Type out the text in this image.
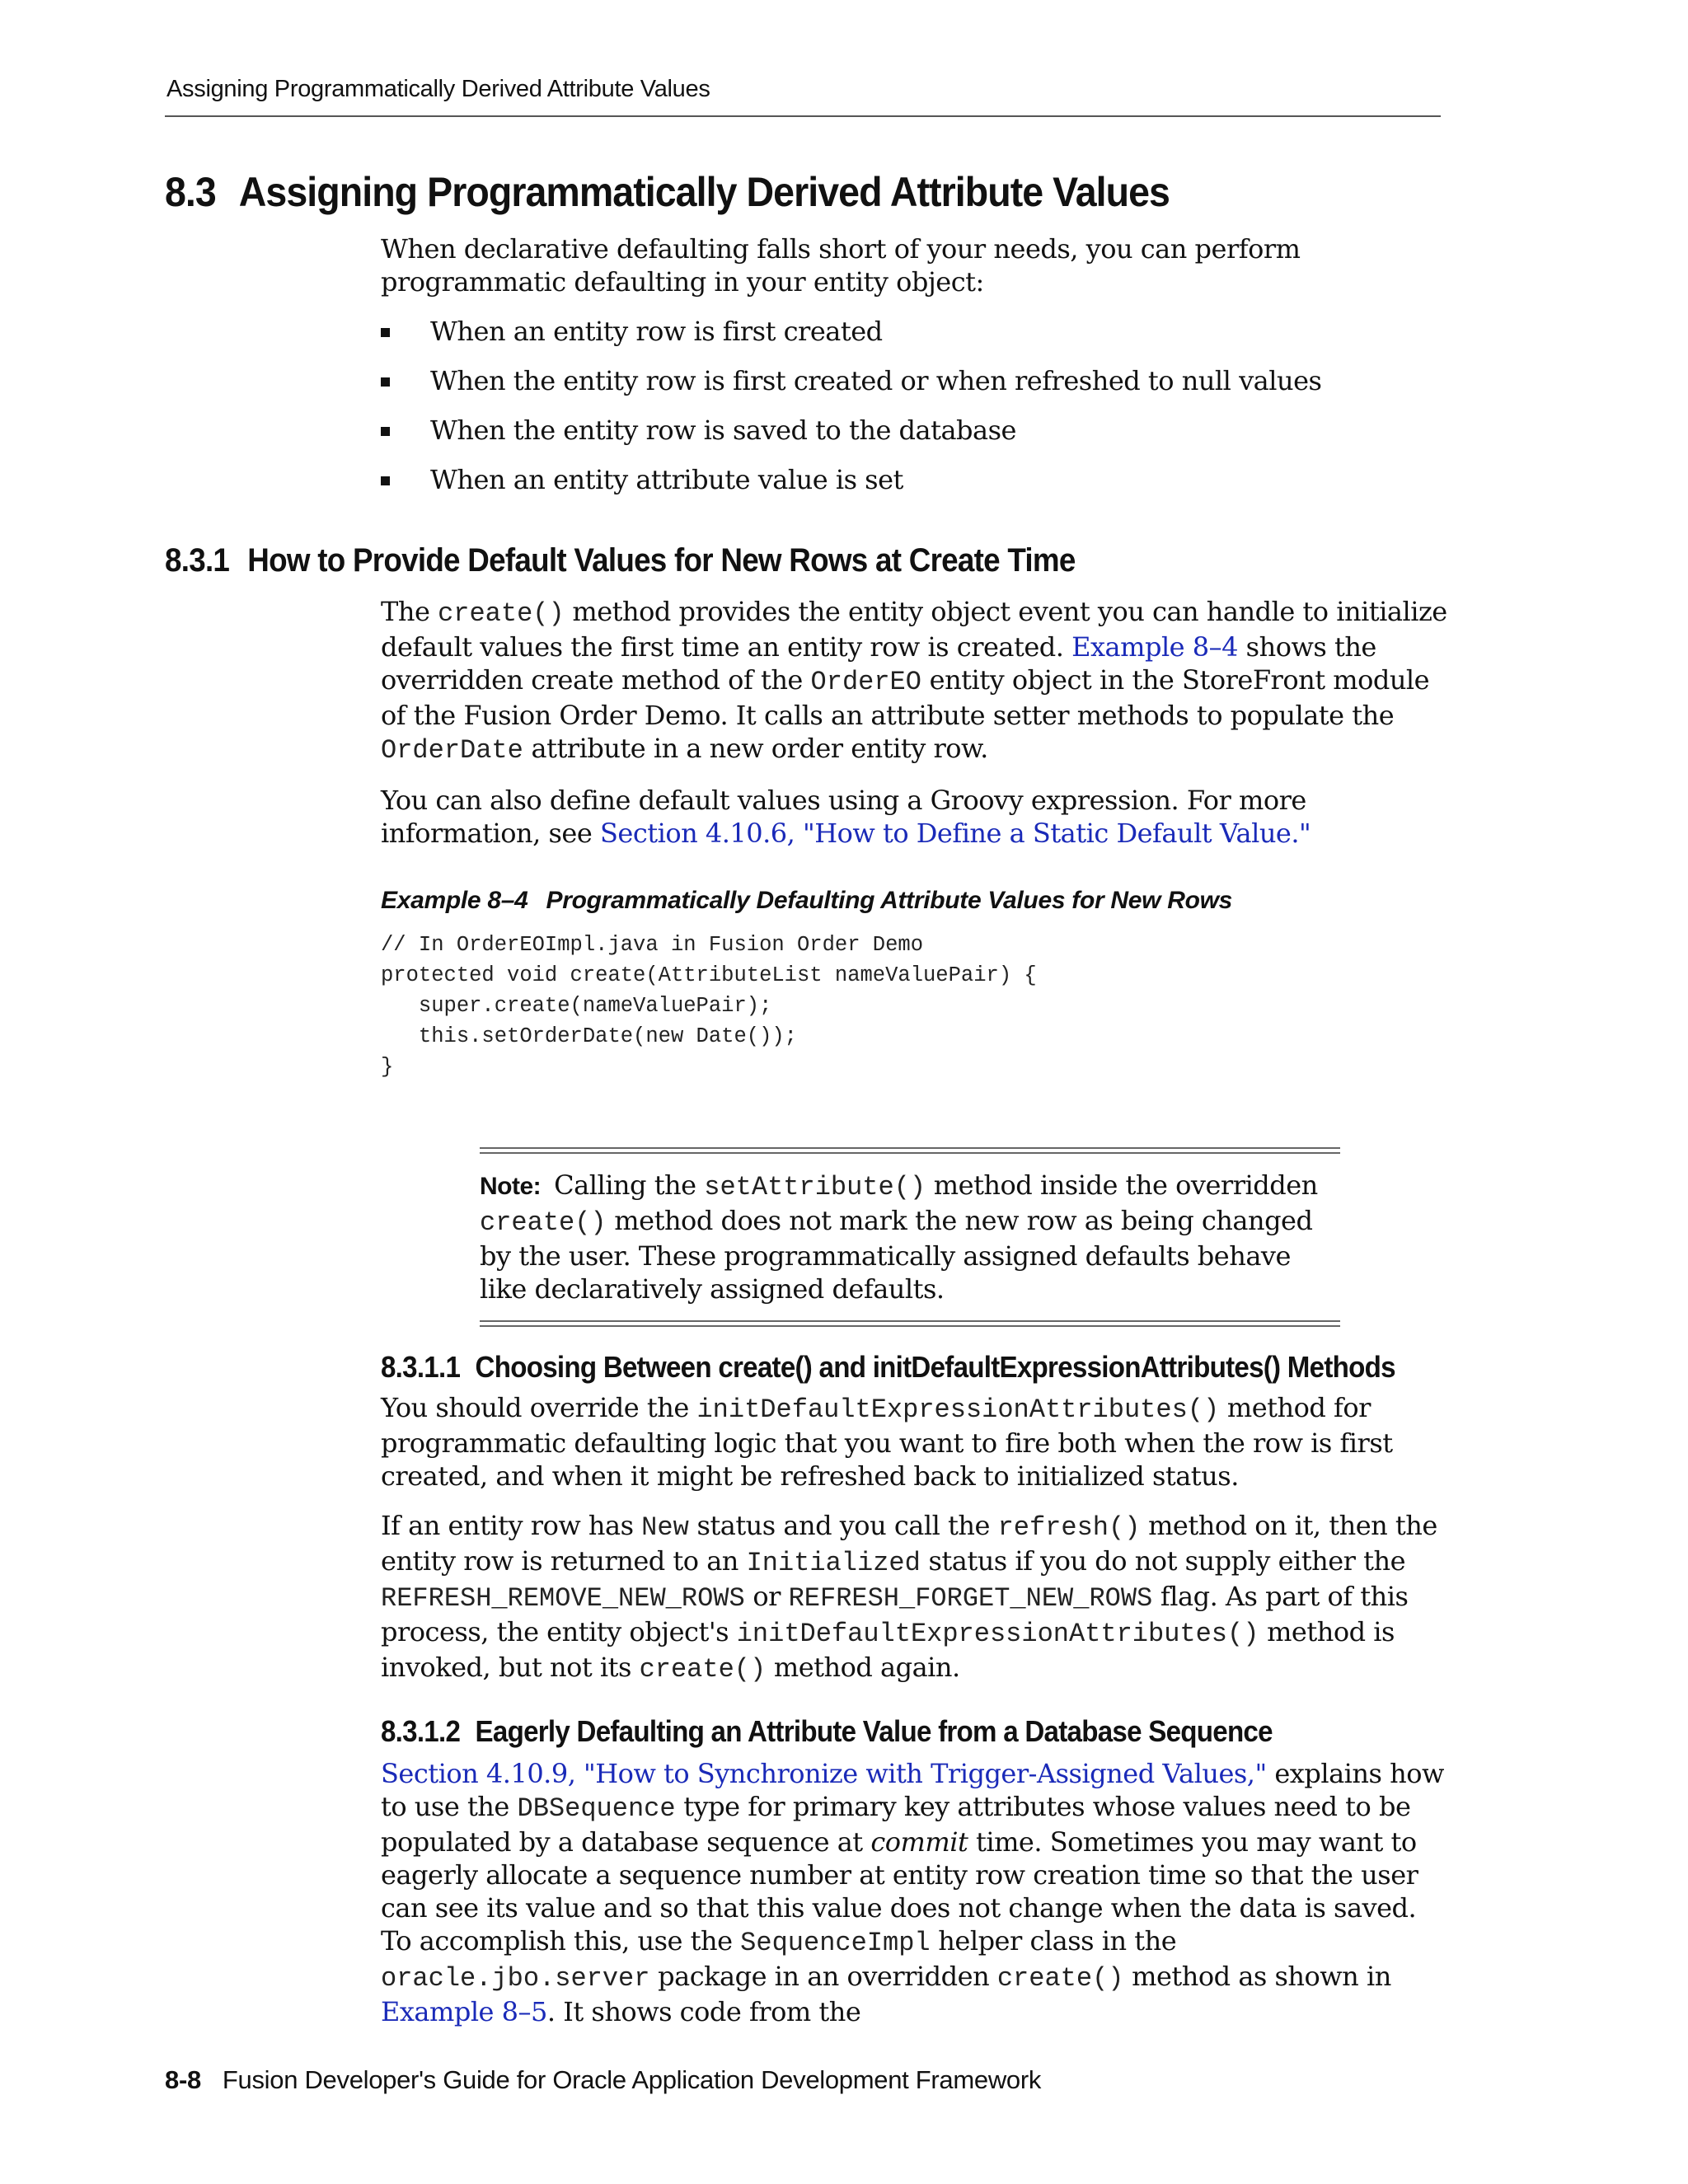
Assigning Programmatically Derived Attribute Values
8.3 Assigning Programmatically Derived Attribute Values

When declarative defaulting falls short of your needs, you can perform programmatic defaulting in your entity object:

When an entity row is first created
When the entity row is first created or when refreshed to null values
When the entity row is saved to the database
When an entity attribute value is set
8.3.1 How to Provide Default Values for New Rows at Create Time

The create() method provides the entity object event you can handle to initialize default values the first time an entity row is created. Example 8–4 shows the overridden create method of the OrderEO entity object in the StoreFront module of the Fusion Order Demo. It calls an attribute setter methods to populate the OrderDate attribute in a new order entity row.

You can also define default values using a Groovy expression. For more information, see Section 4.10.6, "How to Define a Static Default Value."

Example 8–4 Programmatically Defaulting Attribute Values for New Rows
// In OrderEOImpl.java in Fusion Order Demo
protected void create(AttributeList nameValuePair) {
super.create(nameValuePair);
this.setOrderDate(new Date());
}
Note: Calling the setAttribute() method inside the overridden create() method does not mark the new row as being changed by the user. These programmatically assigned defaults behave like declaratively assigned defaults.
8.3.1.1 Choosing Between create() and initDefaultExpressionAttributes() Methods

You should override the initDefaultExpressionAttributes() method for programmatic defaulting logic that you want to fire both when the row is first created, and when it might be refreshed back to initialized status.

If an entity row has New status and you call the refresh() method on it, then the entity row is returned to an Initialized status if you do not supply either the REFRESH_REMOVE_NEW_ROWS or REFRESH_FORGET_NEW_ROWS flag. As part of this process, the entity object's initDefaultExpressionAttributes() method is invoked, but not its create() method again.

8.3.1.2 Eagerly Defaulting an Attribute Value from a Database Sequence

Section 4.10.9, "How to Synchronize with Trigger-Assigned Values," explains how to use the DBSequence type for primary key attributes whose values need to be populated by a database sequence at commit time. Sometimes you may want to eagerly allocate a sequence number at entity row creation time so that the user can see its value and so that this value does not change when the data is saved. To accomplish this, use the SequenceImpl helper class in the oracle.jbo.server package in an overridden create() method as shown in Example 8–5. It shows code from the

8-8 Fusion Developer's Guide for Oracle Application Development Framework
